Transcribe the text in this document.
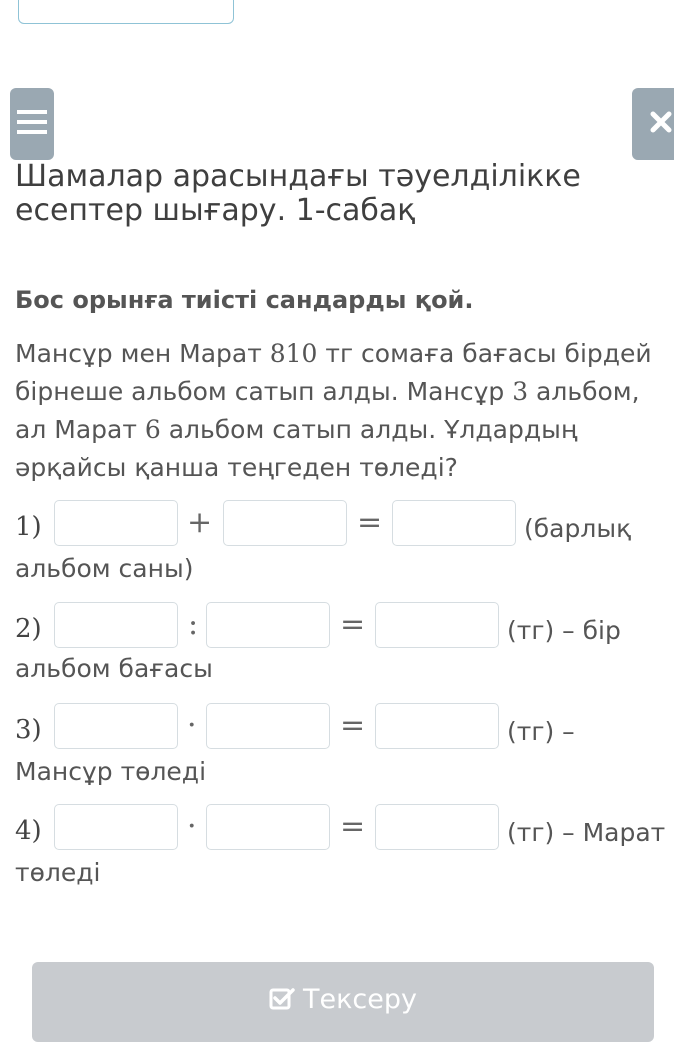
Шамалар арасындағы тәуелділікке есептер шығару. 1-сабақ
Бос орынға тиісті сандарды қой.
Мансұр мен Марат 810 тг сомаға бағасы бірдей бірнеше альбом сатып алды. Мансұр 3 альбом, ал Марат 6 альбом сатып алды. Ұлдардың әрқайсы қанша теңгеден төледі?
1)	+	=	(барлық
альбом саны)
2)	:	=	(тг) – бір
альбом бағасы
3)	·	=	(тг) –
Мансұр төледі
4)	·	=	(тг) – Марат
төледі
Тексеру
